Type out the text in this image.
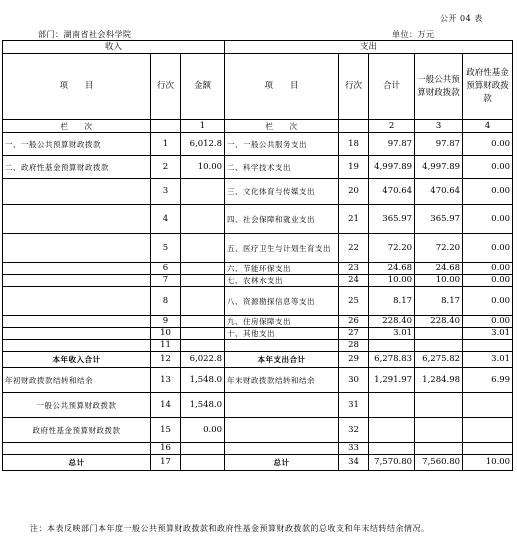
公开 04 表
部门：湖南省社会科学院	单位：万元
收入			支出				
项　　目	行次	金额	项　　目	行次	合计	一般公共预算财政拨款	政府性基金预算财政拨款
栏　　次		1	栏　　次		2	3	4
一、一般公共预算财政拨款	1	6,012.8	一、一般公共服务支出	18	97.87	97.87	0.00
二、政府性基金预算财政拨款	2	10.00	二、科学技术支出	19	4,997.89	4,997.89	0.00
	3		三、文化体育与传媒支出	20	470.64	470.64	0.00
	4		四、社会保障和就业支出	21	365.97	365.97	0.00
	5		五、医疗卫生与计划生育支出	22	72.20	72.20	0.00
	6		六、节能环保支出	23	24.68	24.68	0.00
	7		七、农林水支出	24	10.00	10.00	0.00
	8		八、资源勘探信息等支出	25	8.17	8.17	0.00
	9		九、住房保障支出	26	228.40	228.40	0.00
	10		十、其他支出	27	3.01		3.01
	11			28			
本年收入合计	12	6,022.8	本年支出合计	29	6,278.83	6,275.82	3.01
年初财政拨款结转和结余	13	1,548.0	年末财政拨款结转和结余	30	1,291.97	1,284.98	6.99
一般公共预算财政拨款	14	1,548.0		31			
政府性基金预算财政拨款	15	0.00		32			
	16			33			
总计	17		总计	34	7,570.80	7,560.80	10.00
注：本表反映部门本年度一般公共预算财政拨款和政府性基金预算财政拨款的总收支和年末结转结余情况。
